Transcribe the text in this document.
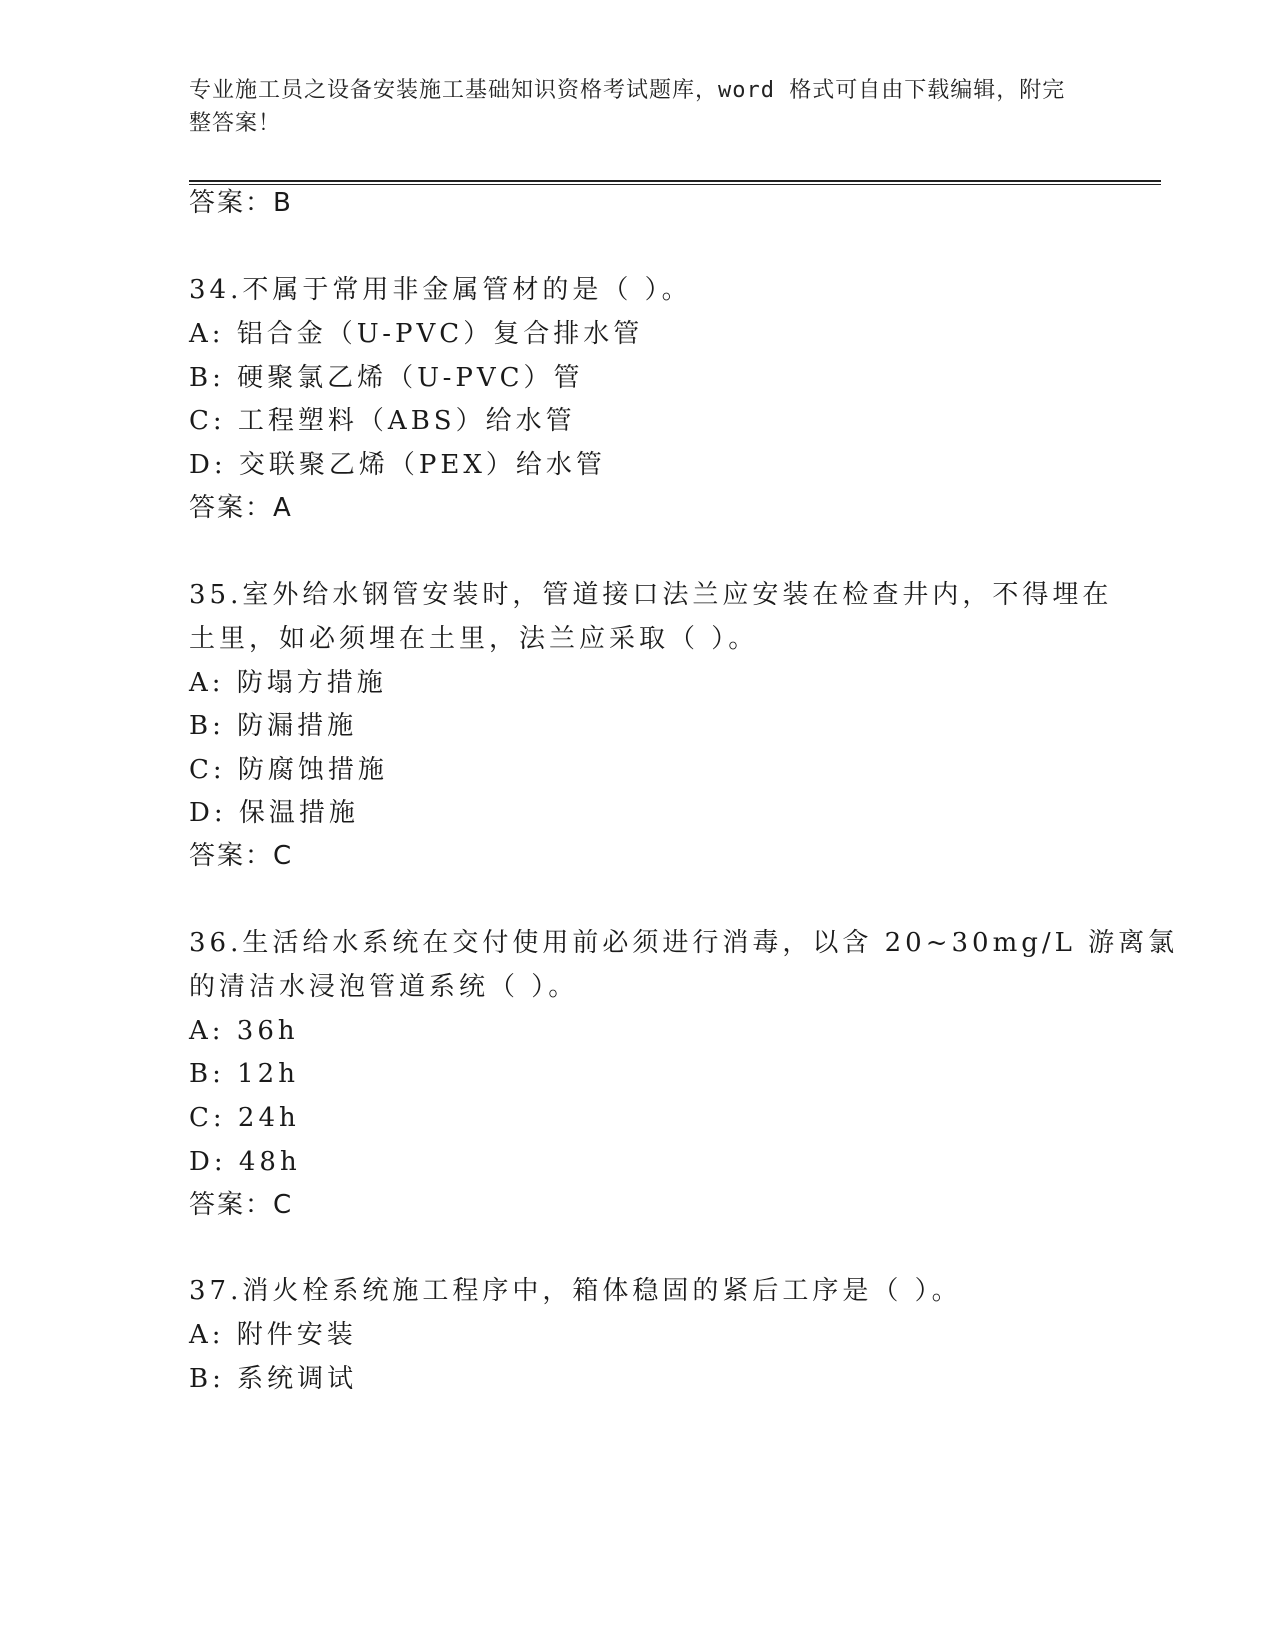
专业施工员之设备安装施工基础知识资格考试题库，word 格式可自由下载编辑，附完整答案！
答案：B
34.不属于常用非金属管材的是（ ）。
A: 铝合金（U-PVC）复合排水管
B: 硬聚氯乙烯（U-PVC）管
C: 工程塑料（ABS）给水管
D: 交联聚乙烯（PEX）给水管
答案：A
35.室外给水钢管安装时，管道接口法兰应安装在检查井内，不得埋在
土里，如必须埋在土里，法兰应采取（ ）。
A: 防塌方措施
B: 防漏措施
C: 防腐蚀措施
D: 保温措施
答案：C
36.生活给水系统在交付使用前必须进行消毒，以含 20~30mg/L 游离氯
的清洁水浸泡管道系统（ ）。
A: 36h
B: 12h
C: 24h
D: 48h
答案：C
37.消火栓系统施工程序中，箱体稳固的紧后工序是（ ）。
A: 附件安装
B: 系统调试
